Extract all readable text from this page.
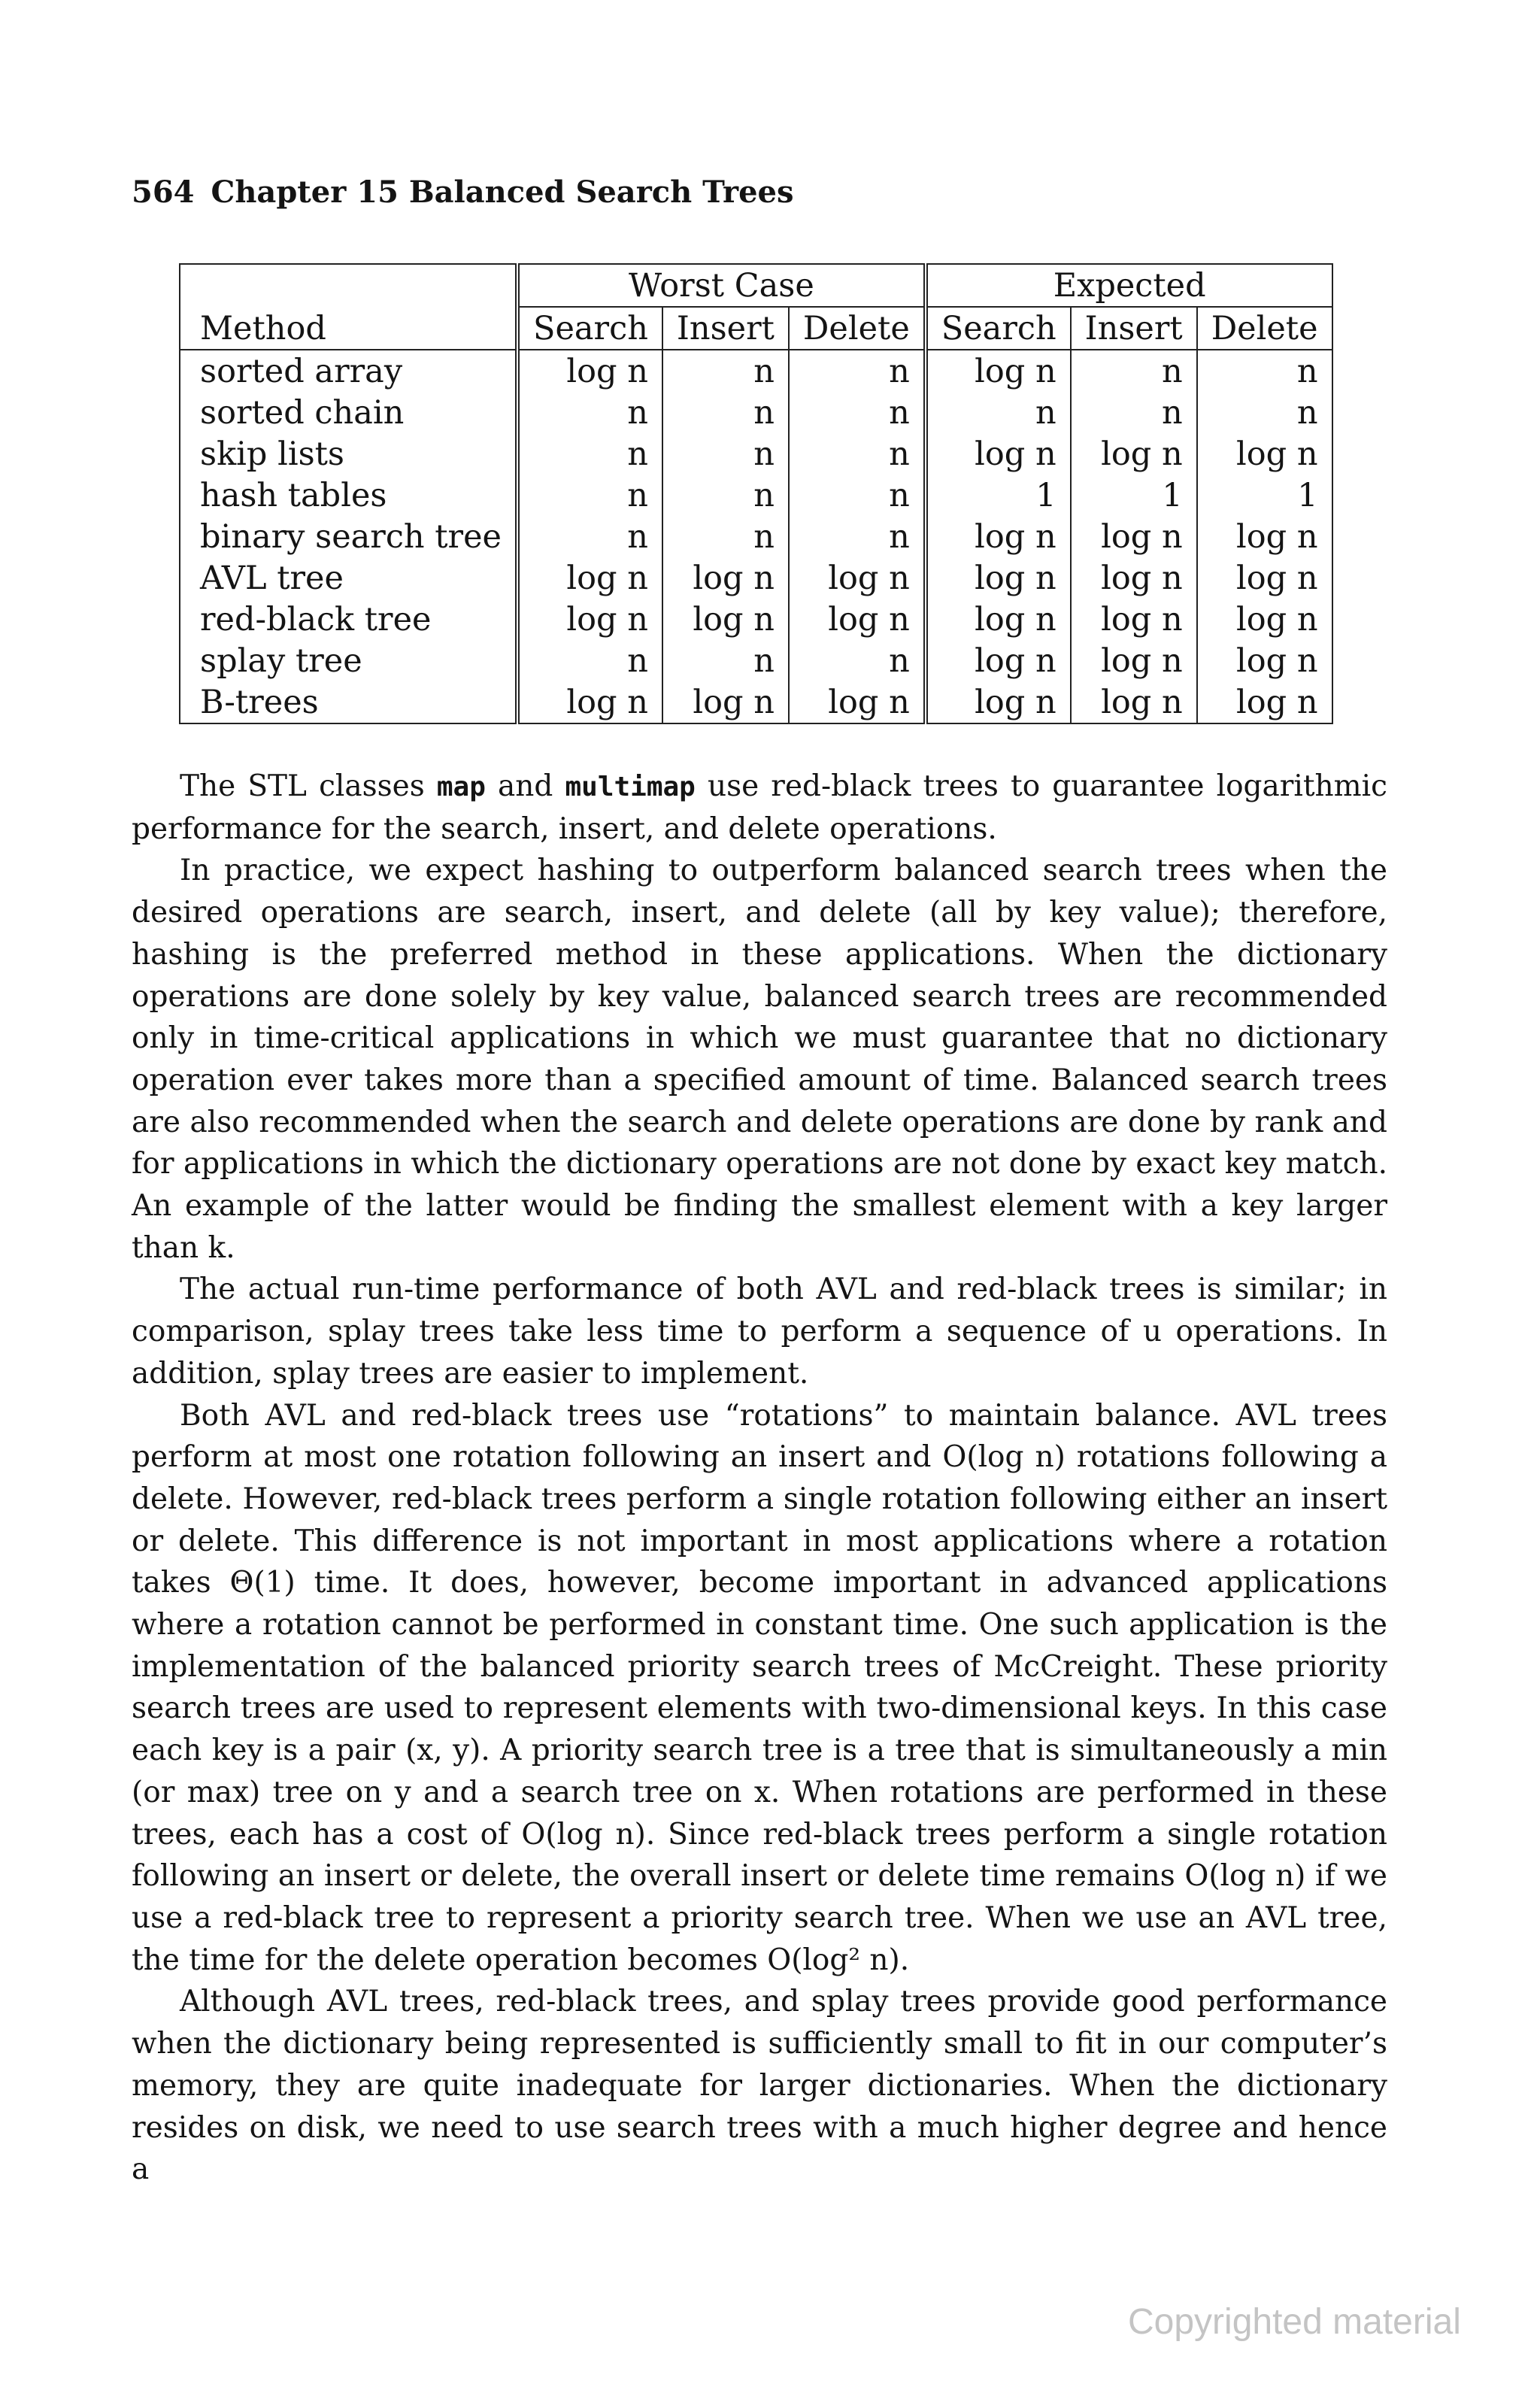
564 Chapter 15 Balanced Search Trees
Method	Worst Case			Expected		
	Search	Insert	Delete	Search	Insert	Delete
sorted array	log n	n	n	log n	n	n
sorted chain	n	n	n	n	n	n
skip lists	n	n	n	log n	log n	log n
hash tables	n	n	n	1	1	1
binary search tree	n	n	n	log n	log n	log n
AVL tree	log n	log n	log n	log n	log n	log n
red-black tree	log n	log n	log n	log n	log n	log n
splay tree	n	n	n	log n	log n	log n
B-trees	log n	log n	log n	log n	log n	log n

The STL classes map and multimap use red-black trees to guarantee logarithmic performance for the search, insert, and delete operations.

In practice, we expect hashing to outperform balanced search trees when the desired operations are search, insert, and delete (all by key value); therefore, hashing is the preferred method in these applications. When the dictionary operations are done solely by key value, balanced search trees are recommended only in time-critical applications in which we must guarantee that no dictionary operation ever takes more than a specified amount of time. Balanced search trees are also recommended when the search and delete operations are done by rank and for applications in which the dictionary operations are not done by exact key match. An example of the latter would be finding the smallest element with a key larger than k.

The actual run-time performance of both AVL and red-black trees is similar; in comparison, splay trees take less time to perform a sequence of u operations. In addition, splay trees are easier to implement.

Both AVL and red-black trees use “rotations” to maintain balance. AVL trees perform at most one rotation following an insert and O(log n) rotations following a delete. However, red-black trees perform a single rotation following either an insert or delete. This difference is not important in most applications where a rotation takes Θ(1) time. It does, however, become important in advanced applications where a rotation cannot be performed in constant time. One such application is the implementation of the balanced priority search trees of McCreight. These priority search trees are used to represent elements with two-dimensional keys. In this case each key is a pair (x, y). A priority search tree is a tree that is simultaneously a min (or max) tree on y and a search tree on x. When rotations are performed in these trees, each has a cost of O(log n). Since red-black trees perform a single rotation following an insert or delete, the overall insert or delete time remains O(log n) if we use a red-black tree to represent a priority search tree. When we use an AVL tree, the time for the delete operation becomes O(log² n).

Although AVL trees, red-black trees, and splay trees provide good performance when the dictionary being represented is sufficiently small to fit in our computer’s memory, they are quite inadequate for larger dictionaries. When the dictionary resides on disk, we need to use search trees with a much higher degree and hence a

Copyrighted material
